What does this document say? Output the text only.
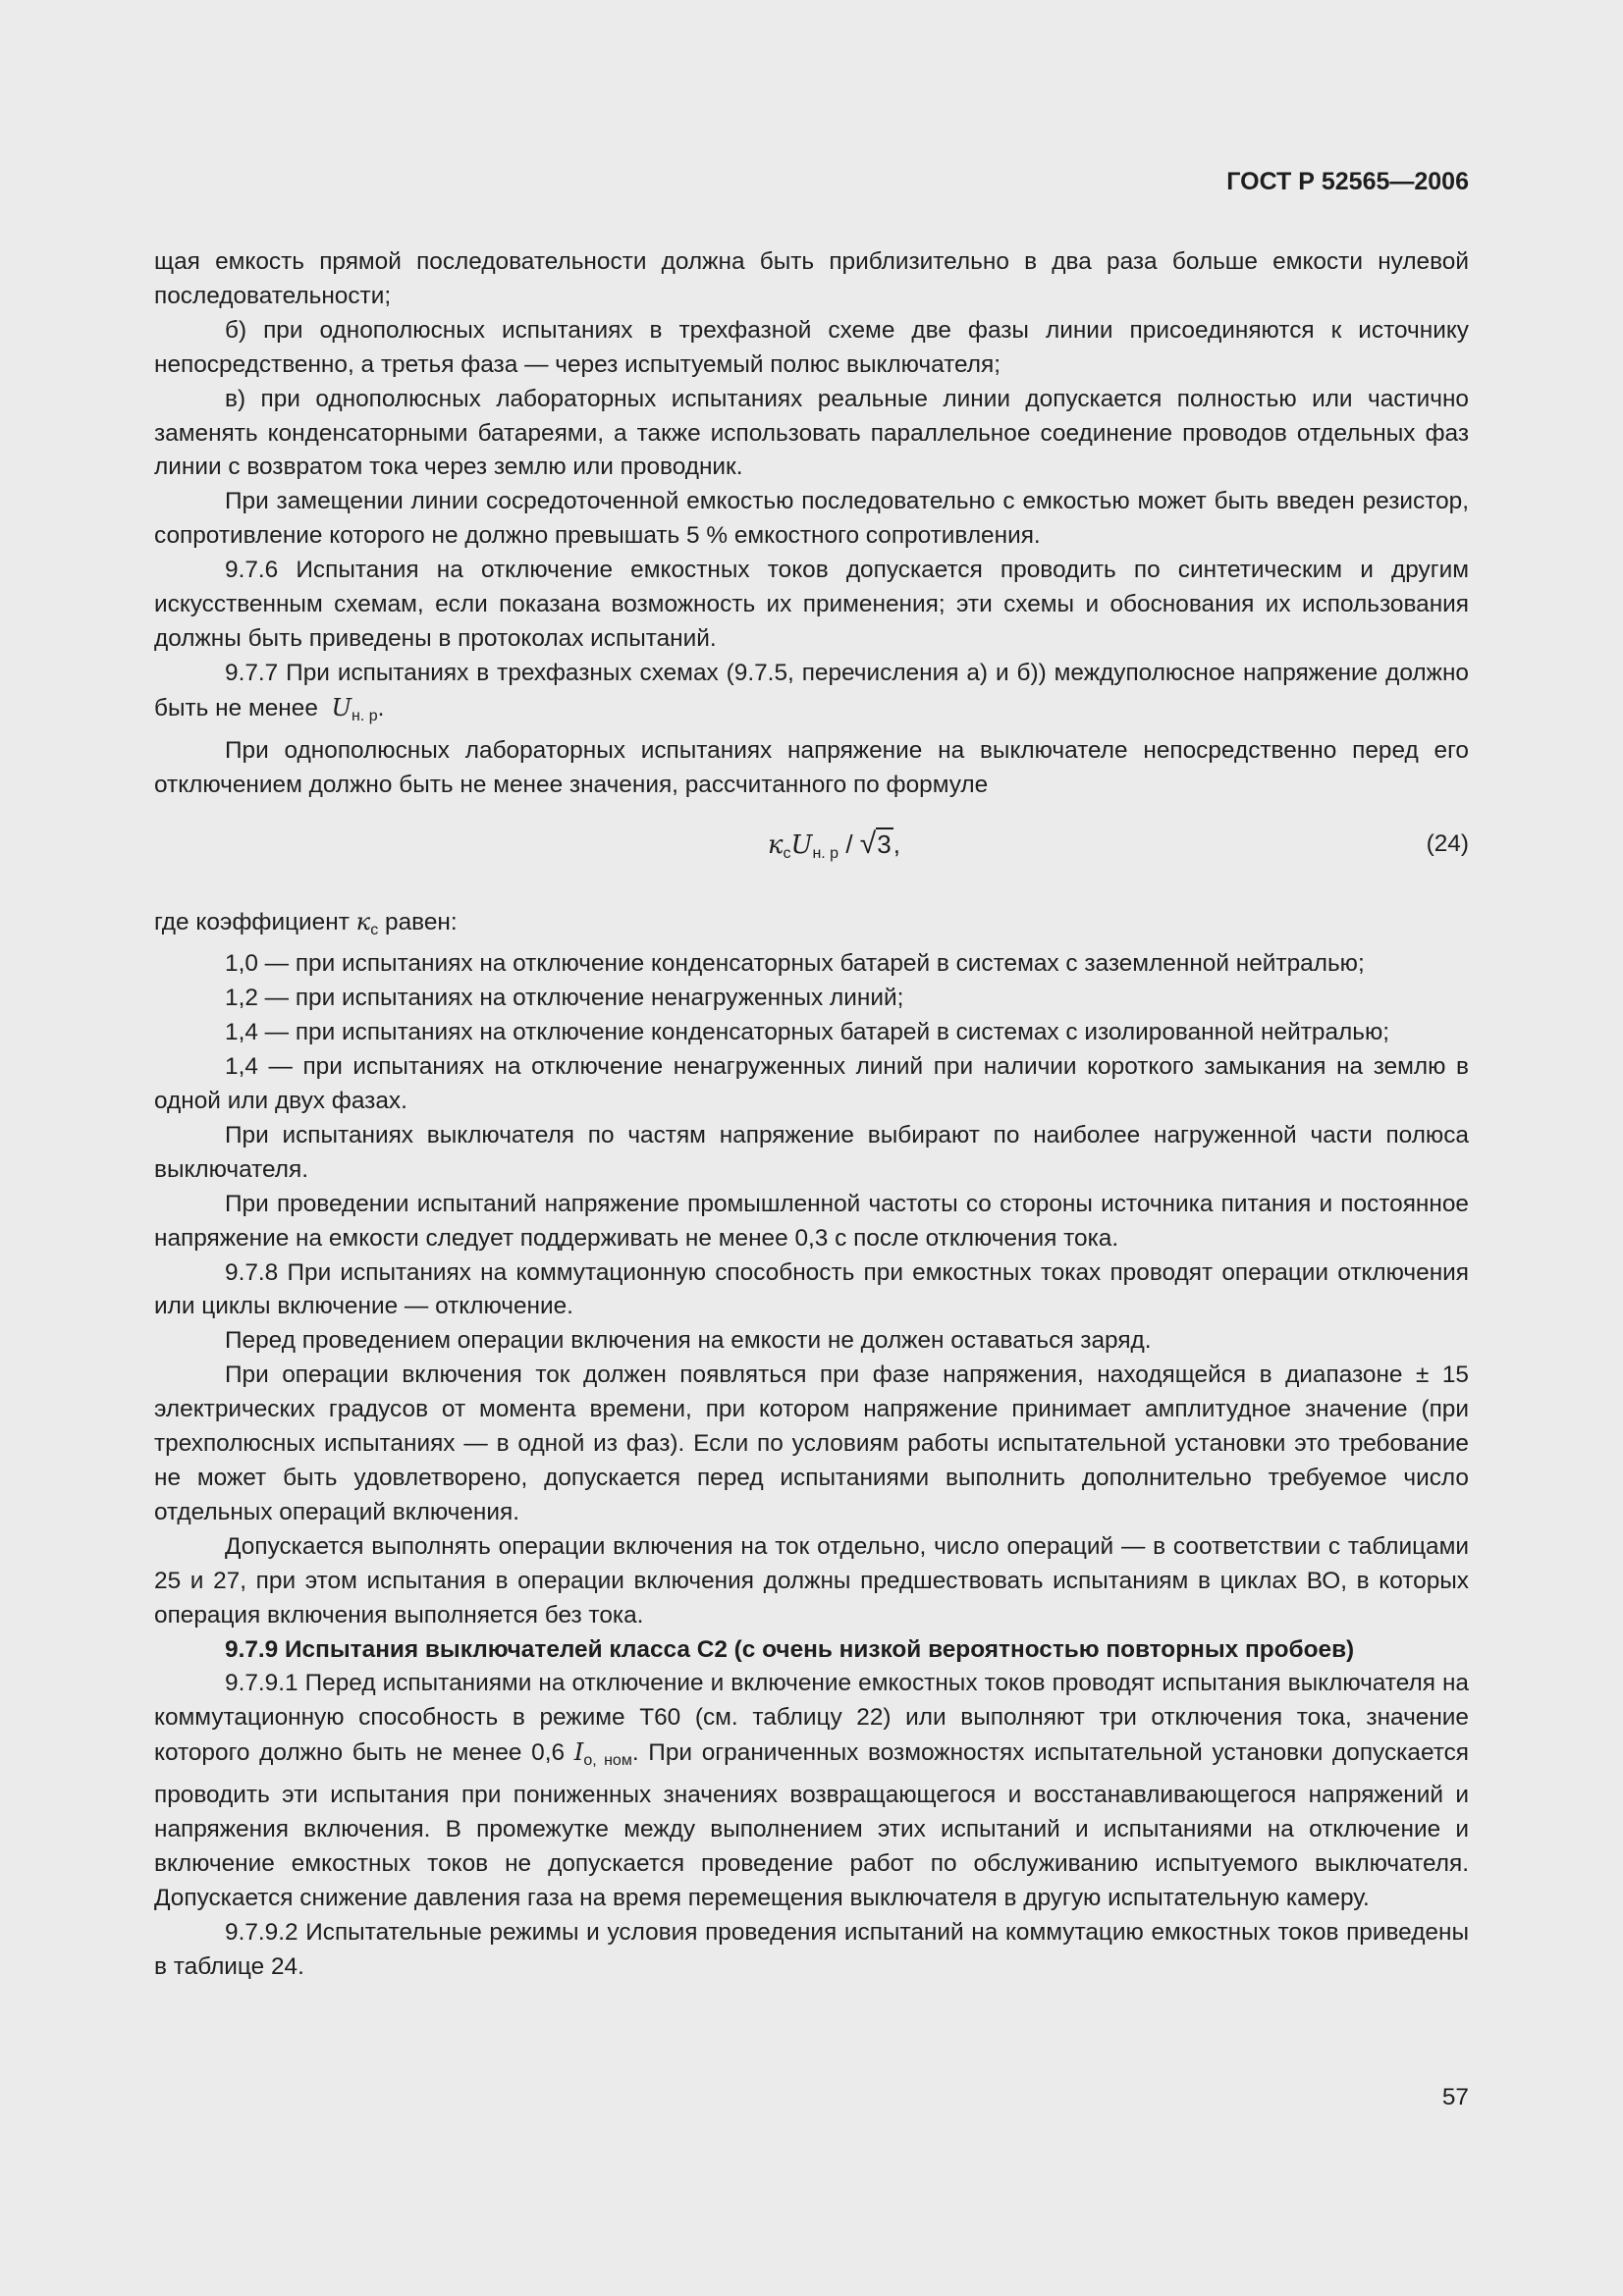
ГОСТ Р 52565—2006

щая емкость прямой последовательности должна быть приблизительно в два раза больше емкости нулевой последовательности;

б) при однополюсных испытаниях в трехфазной схеме две фазы линии присоединяются к источнику непосредственно, а третья фаза — через испытуемый полюс выключателя;

в) при однополюсных лабораторных испытаниях реальные линии допускается полностью или частично заменять конденсаторными батареями, а также использовать параллельное соединение проводов отдельных фаз линии с возвратом тока через землю или проводник.

При замещении линии сосредоточенной емкостью последовательно с емкостью может быть введен резистор, сопротивление которого не должно превышать 5 % емкостного сопротивления.

9.7.6 Испытания на отключение емкостных токов допускается проводить по синтетическим и другим искусственным схемам, если показана возможность их применения; эти схемы и обоснования их использования должны быть приведены в протоколах испытаний.

9.7.7 При испытаниях в трехфазных схемах (9.7.5, перечисления а) и б)) междуполюсное напряжение должно быть не менее $U_{н. р}$.

При однополюсных лабораторных испытаниях напряжение на выключателе непосредственно перед его отключением должно быть не менее значения, рассчитанного по формуле

ксUн. р / √3,	(24)

где коэффициент $к_с$ равен:

1,0 — при испытаниях на отключение конденсаторных батарей в системах с заземленной нейтралью;

1,2 — при испытаниях на отключение ненагруженных линий;

1,4 — при испытаниях на отключение конденсаторных батарей в системах с изолированной нейтралью;

1,4 — при испытаниях на отключение ненагруженных линий при наличии короткого замыкания на землю в одной или двух фазах.

При испытаниях выключателя по частям напряжение выбирают по наиболее нагруженной части полюса выключателя.

При проведении испытаний напряжение промышленной частоты со стороны источника питания и постоянное напряжение на емкости следует поддерживать не менее 0,3 с после отключения тока.

9.7.8 При испытаниях на коммутационную способность при емкостных токах проводят операции отключения или циклы включение — отключение.

Перед проведением операции включения на емкости не должен оставаться заряд.

При операции включения ток должен появляться при фазе напряжения, находящейся в диапазоне ± 15 электрических градусов от момента времени, при котором напряжение принимает амплитудное значение (при трехполюсных испытаниях — в одной из фаз). Если по условиям работы испытательной установки это требование не может быть удовлетворено, допускается перед испытаниями выполнить дополнительно требуемое число отдельных операций включения.

Допускается выполнять операции включения на ток отдельно, число операций — в соответствии с таблицами 25 и 27, при этом испытания в операции включения должны предшествовать испытаниям в циклах ВО, в которых операция включения выполняется без тока.

9.7.9 Испытания выключателей класса С2 (с очень низкой вероятностью повторных пробоев)

9.7.9.1 Перед испытаниями на отключение и включение емкостных токов проводят испытания выключателя на коммутационную способность в режиме Т60 (см. таблицу 22) или выполняют три отключения тока, значение которого должно быть не менее 0,6 $I_{о, ном}$. При ограниченных возможностях испытательной установки допускается проводить эти испытания при пониженных значениях возвращающегося и восстанавливающегося напряжений и напряжения включения. В промежутке между выполнением этих испытаний и испытаниями на отключение и включение емкостных токов не допускается проведение работ по обслуживанию испытуемого выключателя. Допускается снижение давления газа на время перемещения выключателя в другую испытательную камеру.

9.7.9.2 Испытательные режимы и условия проведения испытаний на коммутацию емкостных токов приведены в таблице 24.

57
